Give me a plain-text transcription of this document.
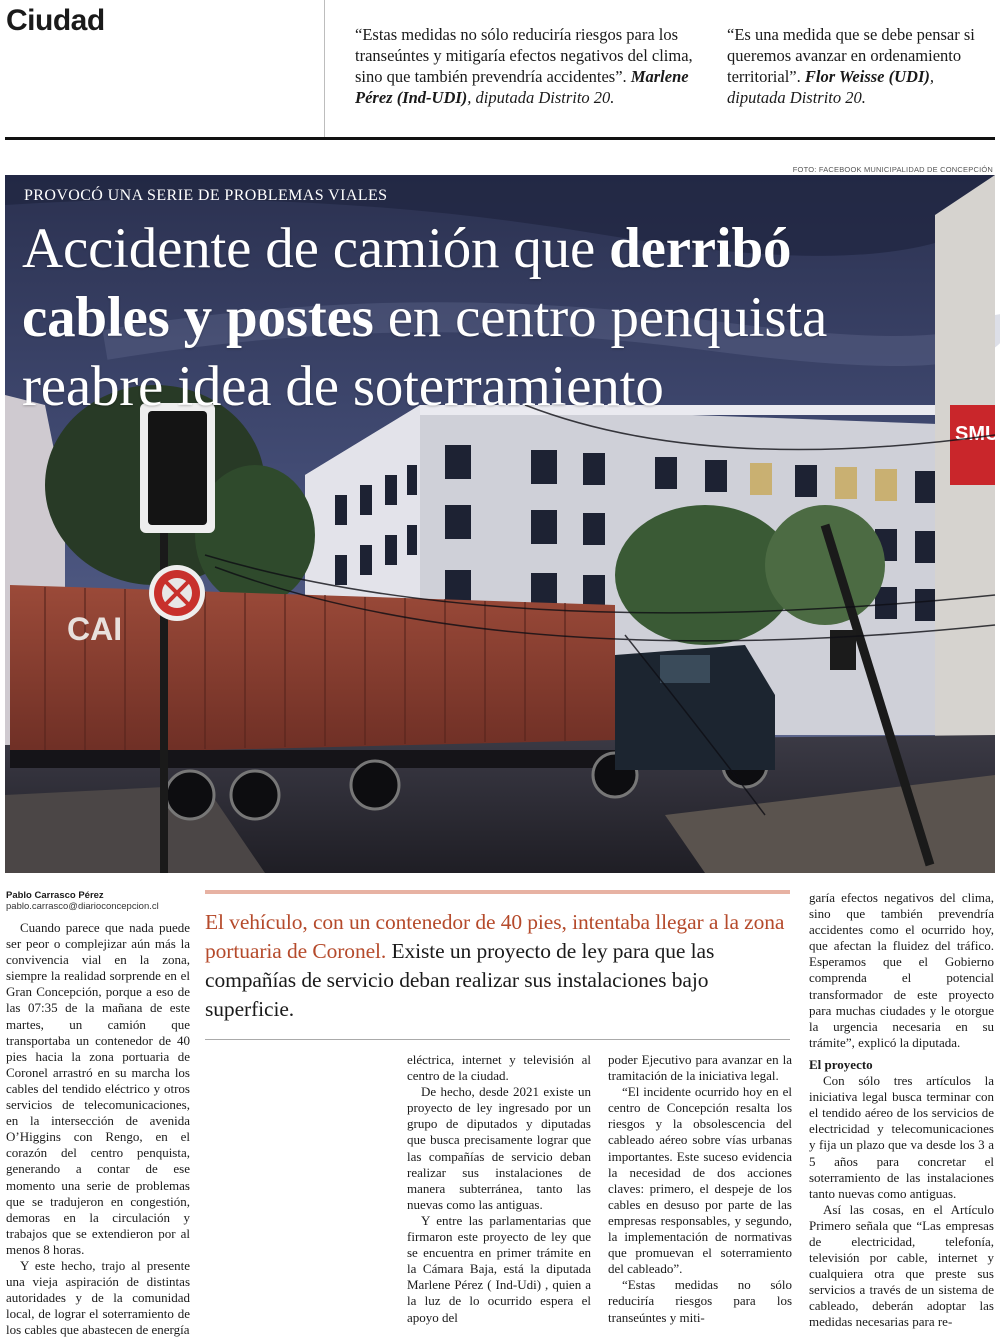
Ciudad	“Estas medidas no sólo reduciría riesgos para los transeúntes y mitigaría efectos negativos del clima, sino que también prevendría accidentes”. Marlene Pérez (Ind-UDI), diputada Distrito 20.
“Es una medida que se debe pensar si queremos avanzar en ordenamiento territorial”. Flor Weisse (UDI), diputada Distrito 20.
FOTO: FACEBOOK MUNICIPALIDAD DE CONCEPCIÓN
SMU
CAI
PROVOCÓ UNA SERIE DE PROBLEMAS VIALES
Accidente de camión que derribó
cables y postes en centro penquista reabre idea de soterramiento
Pablo Carrasco Pérez
pablo.carrasco@diarioconcepcion.cl

El vehículo, con un contenedor de 40 pies, intentaba llegar a la zona portuaria de Coronel. Existe un proyecto de ley para que las compañías de servicio deban realizar sus instalaciones bajo superficie.

Cuando parece que nada puede ser peor o complejizar aún más la convivencia vial en la zona, siempre la realidad sorprende en el Gran Concepción, porque a eso de las 07:35 de la mañana de este martes, un camión que transportaba un contenedor de 40 pies hacia la zona portuaria de Coronel arrastró en su marcha los cables del tendido eléctrico y otros servicios de telecomunicaciones, en la intersección de avenida O’Higgins con Rengo, en el corazón del centro penquista, generando a contar de ese momento una serie de problemas que se tradujeron en congestión, demoras en la circulación y trabajos que se extendieron por al menos 8 horas.

Y este hecho, trajo al presente una vieja aspiración de distintas autoridades y de la comunidad local, de lograr el soterramiento de los cables que abastecen de energía

eléctrica, internet y televisión al centro de la ciudad.

De hecho, desde 2021 existe un proyecto de ley ingresado por un grupo de diputados y diputadas que busca precisamente lograr que las compañías de servicio deban realizar sus instalaciones de manera subterránea, tanto las nuevas como las antiguas.

Y entre las parlamentarias que firmaron este proyecto de ley que se encuentra en primer trámite en la Cámara Baja, está la diputada Marlene Pérez ( Ind-Udi) , quien a la luz de lo ocurrido espera el apoyo del

poder Ejecutivo para avanzar en la tramitación de la iniciativa legal.

“El incidente ocurrido hoy en el centro de Concepción resalta los riesgos y la obsolescencia del cableado aéreo sobre vías urbanas importantes. Este suceso evidencia la necesidad de dos acciones claves: primero, el despeje de los cables en desuso por parte de las empresas responsables, y segundo, la implementación de normativas que promuevan el soterramiento del cableado”.

“Estas medidas no sólo reduciría riesgos para los transeúntes y miti-

garía efectos negativos del clima, sino que también prevendría accidentes como el ocurrido hoy, que afectan la fluidez del tráfico. Esperamos que el Gobierno comprenda el potencial transformador de este proyecto para muchas ciudades y le otorgue la urgencia necesaria en su trámite”, explicó la diputada.

El proyecto

Con sólo tres artículos la iniciativa legal busca terminar con el tendido aéreo de los servicios de electricidad y telecomunicaciones y fija un plazo que va desde los 3 a 5 años para concretar el soterramiento de las instalaciones tanto nuevas como antiguas.

Así las cosas, en el Artículo Primero señala que “Las empresas de electricidad, telefonía, televisión por cable, internet y cualquiera otra que preste sus servicios a través de un sistema de cableado, deberán adoptar las medidas necesarias para re-
